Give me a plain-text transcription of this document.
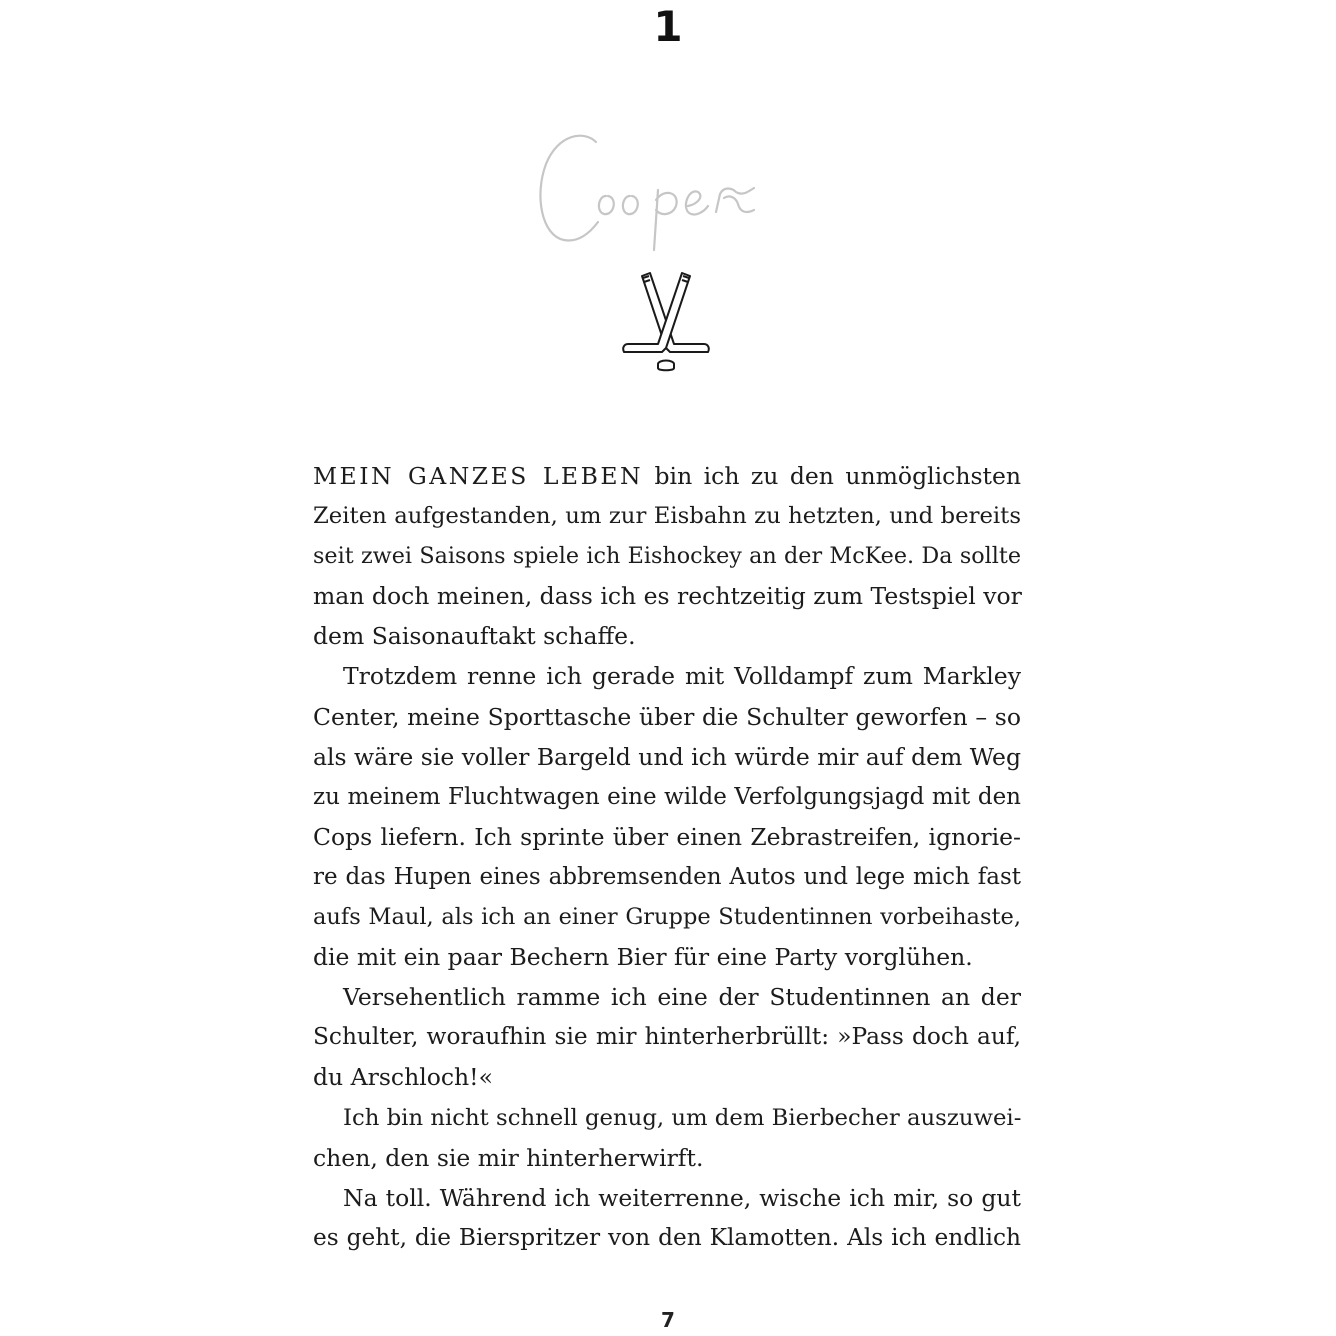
1
MEIN GANZES LEBEN bin ich zu den unmöglichsten
Zeiten aufgestanden, um zur Eisbahn zu hetzten, und bereits
seit zwei Saisons spiele ich Eishockey an der McKee. Da sollte
man doch meinen, dass ich es rechtzeitig zum Testspiel vor
dem Saisonauftakt schaffe.
Trotzdem renne ich gerade mit Volldampf zum Markley
Center, meine Sporttasche über die Schulter geworfen – so
als wäre sie voller Bargeld und ich würde mir auf dem Weg
zu meinem Fluchtwagen eine wilde Verfolgungsjagd mit den
Cops liefern. Ich sprinte über einen Zebrastreifen, ignorie-
re das Hupen eines abbremsenden Autos und lege mich fast
aufs Maul, als ich an einer Gruppe Studentinnen vorbeihaste,
die mit ein paar Bechern Bier für eine Party vorglühen.
Versehentlich ramme ich eine der Studentinnen an der
Schulter, woraufhin sie mir hinterherbrüllt: »Pass doch auf,
du Arschloch!«
Ich bin nicht schnell genug, um dem Bierbecher auszuwei-
chen, den sie mir hinterherwirft.
Na toll. Während ich weiterrenne, wische ich mir, so gut
es geht, die Bierspritzer von den Klamotten. Als ich endlich
7
